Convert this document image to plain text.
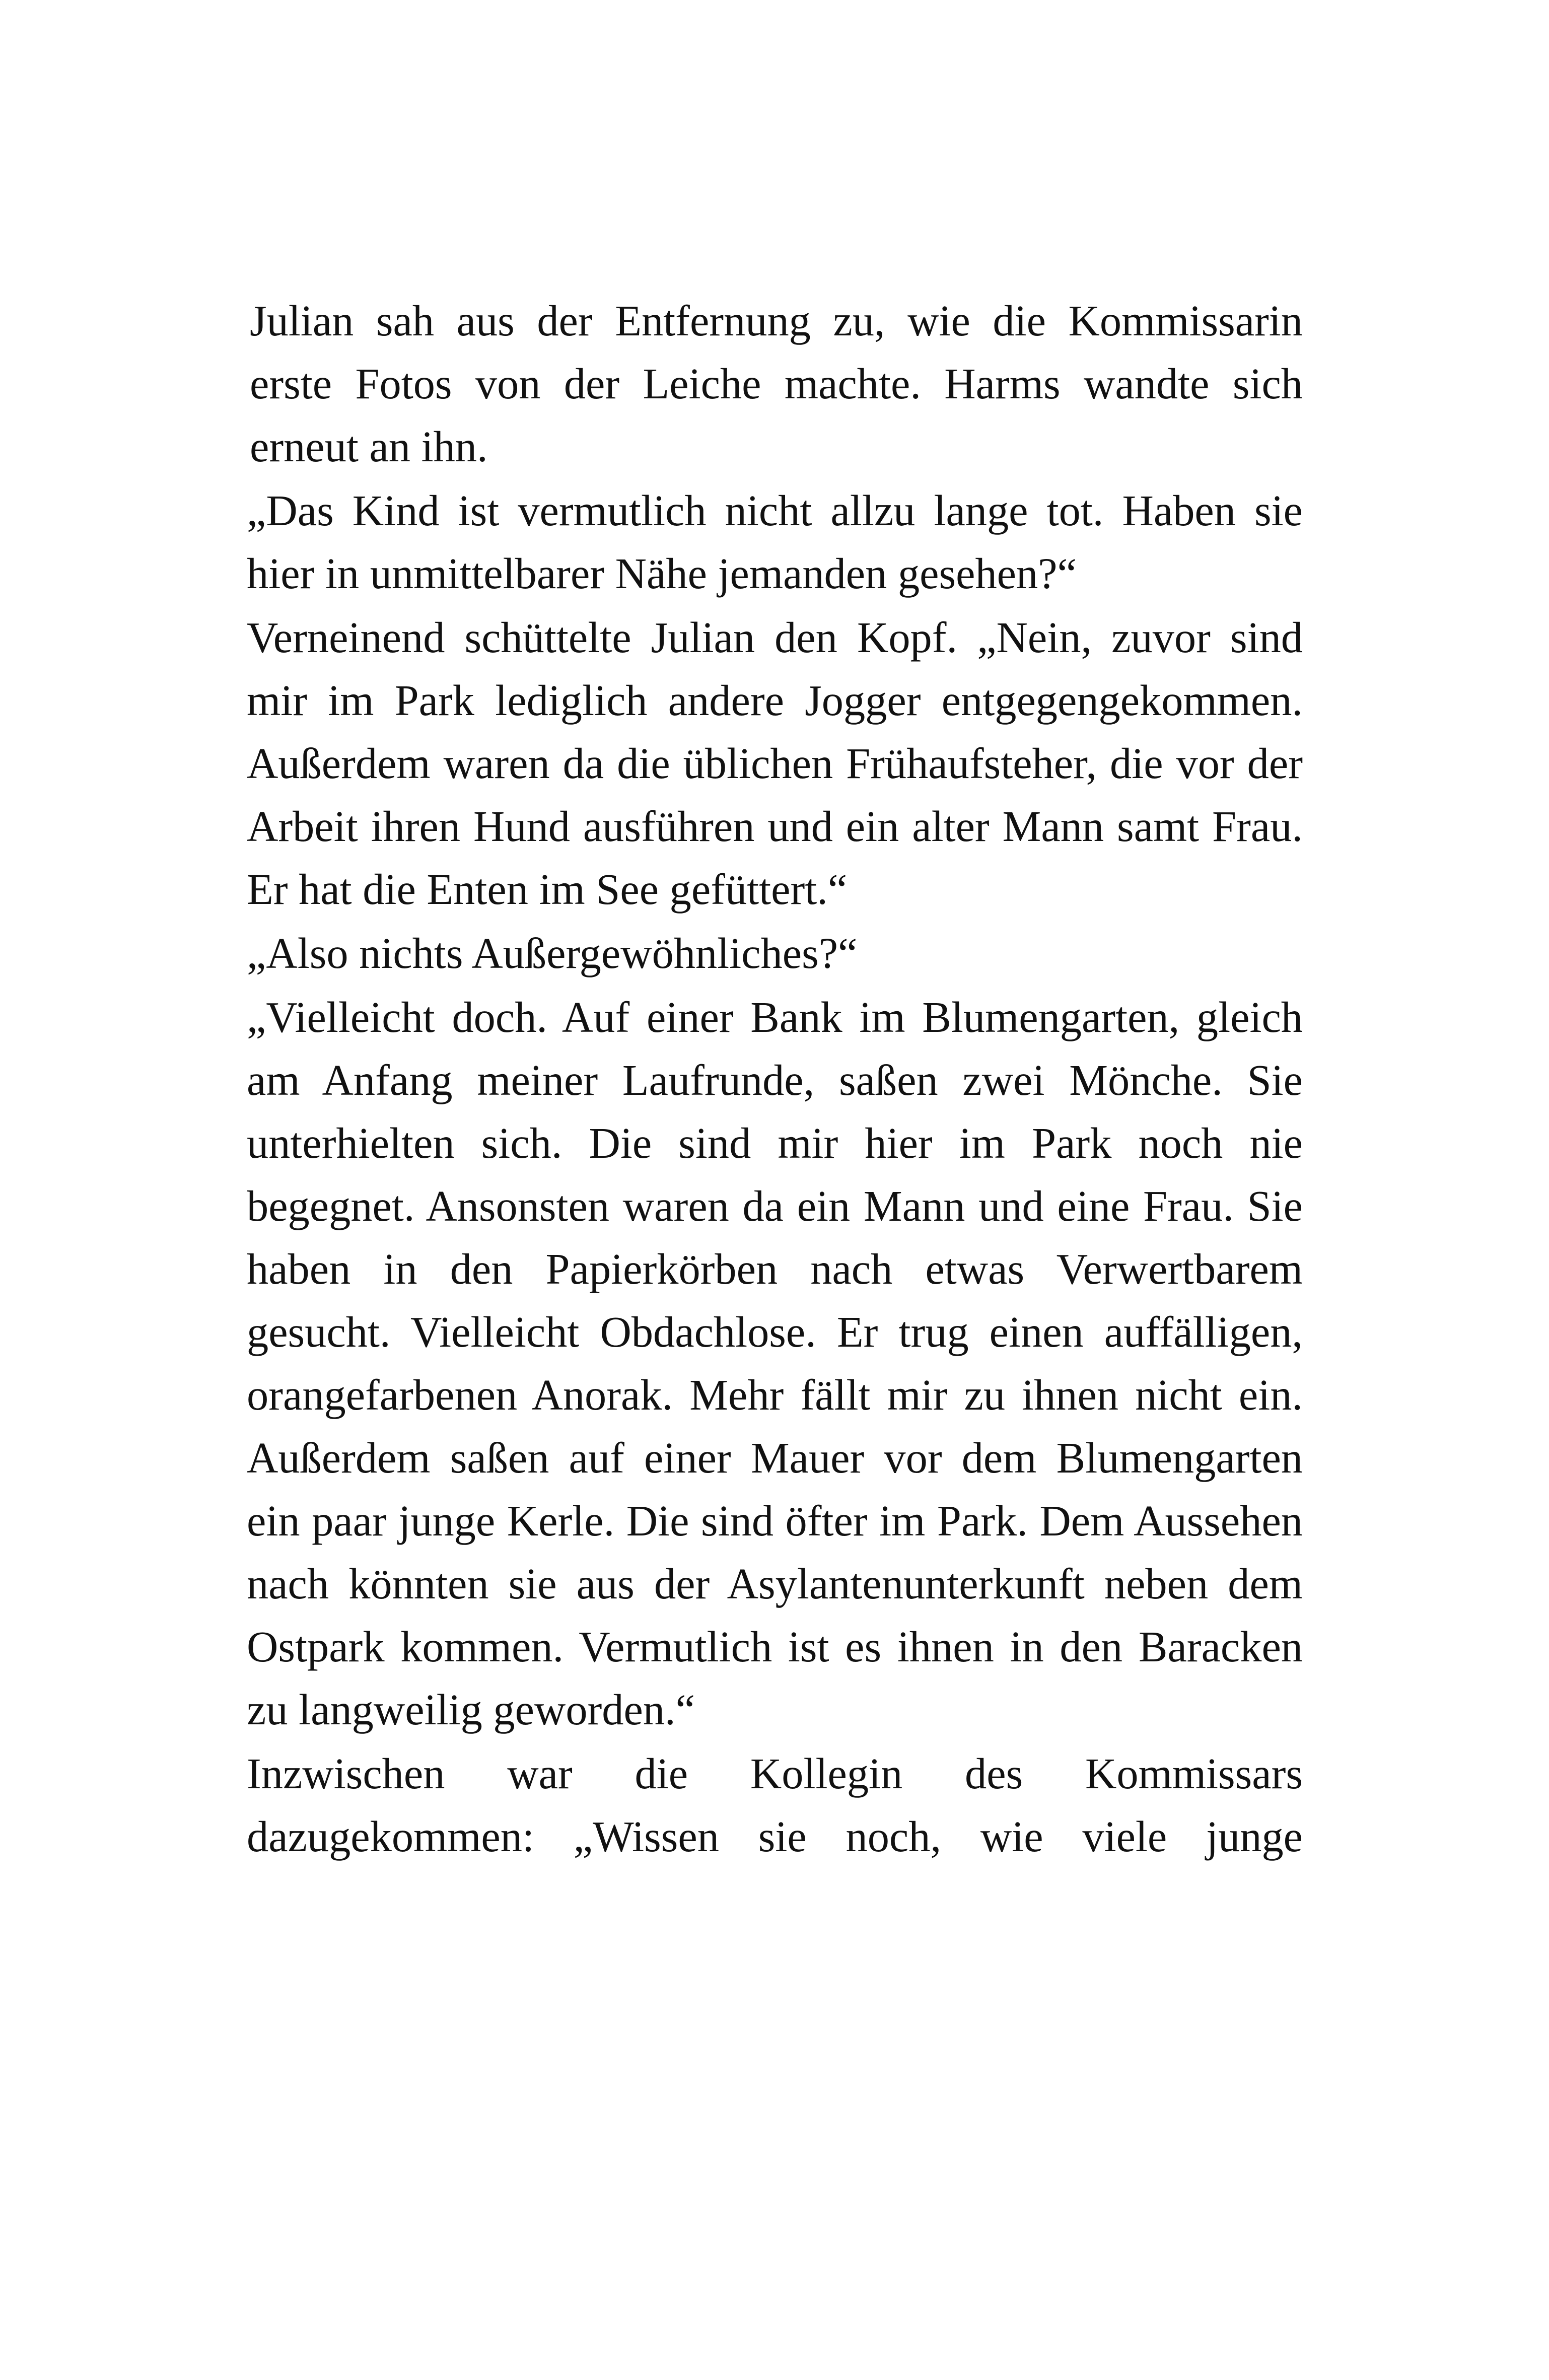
Julian sah aus der Entfernung zu, wie die Kommissarin erste Fotos von der Leiche machte. Harms wandte sich erneut an ihn.

„Das Kind ist vermutlich nicht allzu lange tot. Haben sie hier in unmittelbarer Nähe jemanden gesehen?“

Verneinend schüttelte Julian den Kopf. „Nein, zuvor sind mir im Park lediglich andere Jogger entgegengekommen. Außerdem waren da die üblichen Frühaufsteher, die vor der Arbeit ihren Hund ausführen und ein alter Mann samt Frau. Er hat die Enten im See gefüttert.“

„Also nichts Außergewöhnliches?“

„Vielleicht doch. Auf einer Bank im Blumengarten, gleich am Anfang meiner Laufrunde, saßen zwei Mönche. Sie unterhielten sich. Die sind mir hier im Park noch nie begegnet. Ansonsten waren da ein Mann und eine Frau. Sie haben in den Papierkörben nach etwas Verwertbarem gesucht. Vielleicht Obdachlose. Er trug einen auffälligen, orangefarbenen Anorak. Mehr fällt mir zu ihnen nicht ein. Außerdem saßen auf einer Mauer vor dem Blumengarten ein paar junge Kerle. Die sind öfter im Park. Dem Aussehen nach könnten sie aus der Asylantenunterkunft neben dem Ostpark kommen. Vermutlich ist es ihnen in den Baracken zu langweilig geworden.“

Inzwischen war die Kollegin des Kommissars dazugekommen: „Wissen sie noch, wie viele junge
